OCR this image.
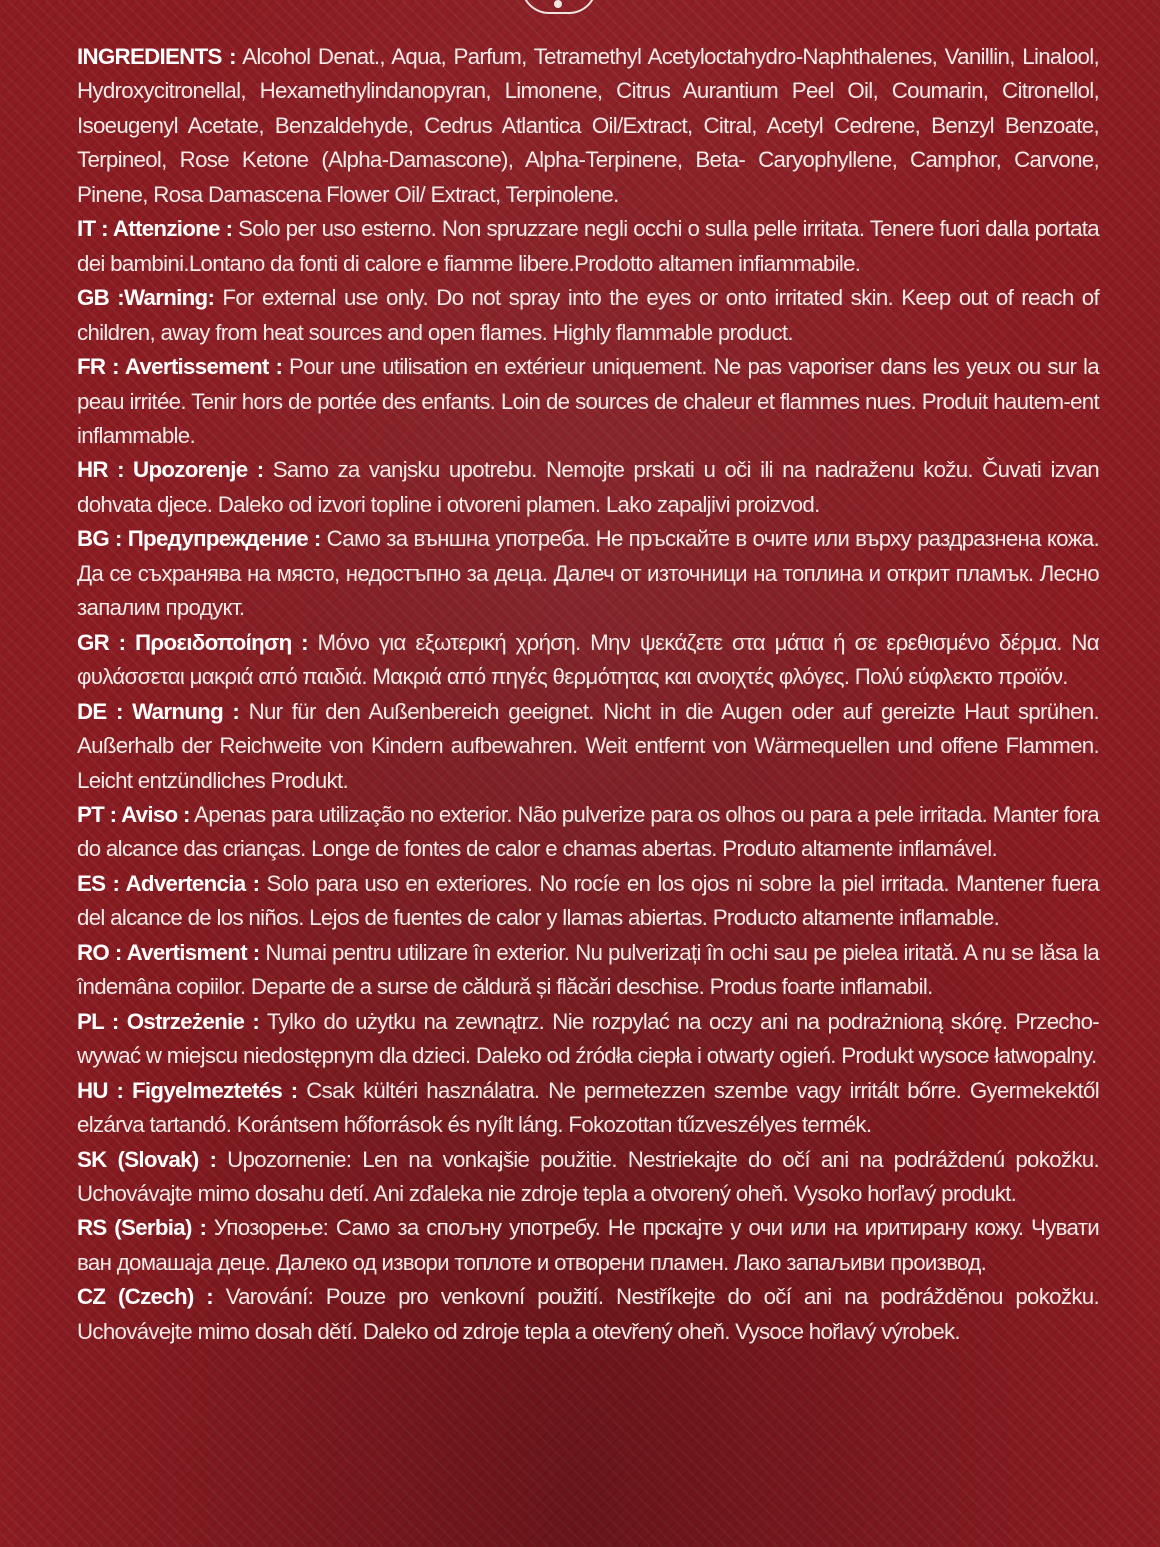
INGREDIENTS : Alcohol Denat., Aqua, Parfum, Tetramethyl Acetyloctahydro-Naphthalenes, Vanillin, Linalool, Hydroxycitronellal, Hexamethylindanopyran, Limonene, Citrus Aurantium Peel Oil, Coumarin, Citronellol, Isoeugenyl Acetate, Benzaldehyde, Cedrus Atlantica Oil/Extract, Citral, Acetyl Cedrene, Benzyl Benzoate, Terpineol, Rose Ketone (Alpha-Damascone), Alpha-Terpinene, Beta- Caryophyllene, Camphor, Carvone, Pinene, Rosa Damascena Flower Oil/ Extract, Terpinolene.

IT : Attenzione : Solo per uso esterno. Non spruzzare negli occhi o sulla pelle irritata. Tenere fuori dalla portata dei bambini.Lontano da fonti di calore e fiamme libere.Prodotto altamen infiammabile.

GB :Warning: For external use only. Do not spray into the eyes or onto irritated skin. Keep out of reach of children, away from heat sources and open flames. Highly flammable product.

FR : Avertissement : Pour une utilisation en extérieur uniquement. Ne pas vaporiser dans les yeux ou sur la peau irritée. Tenir hors de portée des enfants. Loin de sources de chaleur et flammes nues. Produit hautem-ent inflammable.

HR : Upozorenje : Samo za vanjsku upotrebu. Nemojte prskati u oči ili na nadraženu kožu. Čuvati izvan dohvata djece. Daleko od izvori topline i otvoreni plamen. Lako zapaljivi proizvod.

BG : Предупреждение : Само за външна употреба. Не пръскайте в очите или върху раздразнена кожа. Да се съхранява на място, недостъпно за деца. Далеч от източници на топлина и открит пламък. Лесно запалим продукт.

GR : Προειδοποίηση : Μόνο για εξωτερική χρήση. Μην ψεκάζετε στα μάτια ή σε ερεθισμένο δέρμα. Να φυλάσσεται μακριά από παιδιά. Μακριά από πηγές θερμότητας και ανοιχτές φλόγες. Πολύ εύφλεκτο προϊόν.

DE : Warnung : Nur für den Außenbereich geeignet. Nicht in die Augen oder auf gereizte Haut sprühen. Außerhalb der Reichweite von Kindern aufbewahren. Weit entfernt von Wärmequellen und offene Flammen. Leicht entzündliches Produkt.

PT : Aviso : Apenas para utilização no exterior. Não pulverize para os olhos ou para a pele irritada. Manter fora do alcance das crianças. Longe de fontes de calor e chamas abertas. Produto altamente inflamável.

ES : Advertencia : Solo para uso en exteriores. No rocíe en los ojos ni sobre la piel irritada. Mantener fuera del alcance de los niños. Lejos de fuentes de calor y llamas abiertas. Producto altamente inflamable.

RO : Avertisment : Numai pentru utilizare în exterior. Nu pulverizați în ochi sau pe pielea iritată. A nu se lăsa la îndemâna copiilor. Departe de a surse de căldură și flăcări deschise. Produs foarte inflamabil.

PL : Ostrzeżenie : Tylko do użytku na zewnątrz. Nie rozpylać na oczy ani na podrażnioną skórę. Przecho-wywać w miejscu niedostępnym dla dzieci. Daleko od źródła ciepła i otwarty ogień. Produkt wysoce łatwopalny.

HU : Figyelmeztetés : Csak kültéri használatra. Ne permetezzen szembe vagy irritált bőrre. Gyermekektől elzárva tartandó. Korántsem hőforrások és nyílt láng. Fokozottan tűzveszélyes termék.

SK (Slovak) : Upozornenie: Len na vonkajšie použitie. Nestriekajte do očí ani na podráždenú pokožku. Uchovávajte mimo dosahu detí. Ani zďaleka nie zdroje tepla a otvorený oheň. Vysoko horľavý produkt.

RS (Serbia) : Упозорење: Само за спољну употребу. Не прскајте у очи или на иритирану кожу. Чувати ван домашаја деце. Далеко од извори топлоте и отворени пламен. Лако запаљиви производ.

CZ (Czech) : Varování: Pouze pro venkovní použití. Nestříkejte do očí ani na podrážděnou pokožku. Uchovávejte mimo dosah dětí. Daleko od zdroje tepla a otevřený oheň. Vysoce hořlavý výrobek.
